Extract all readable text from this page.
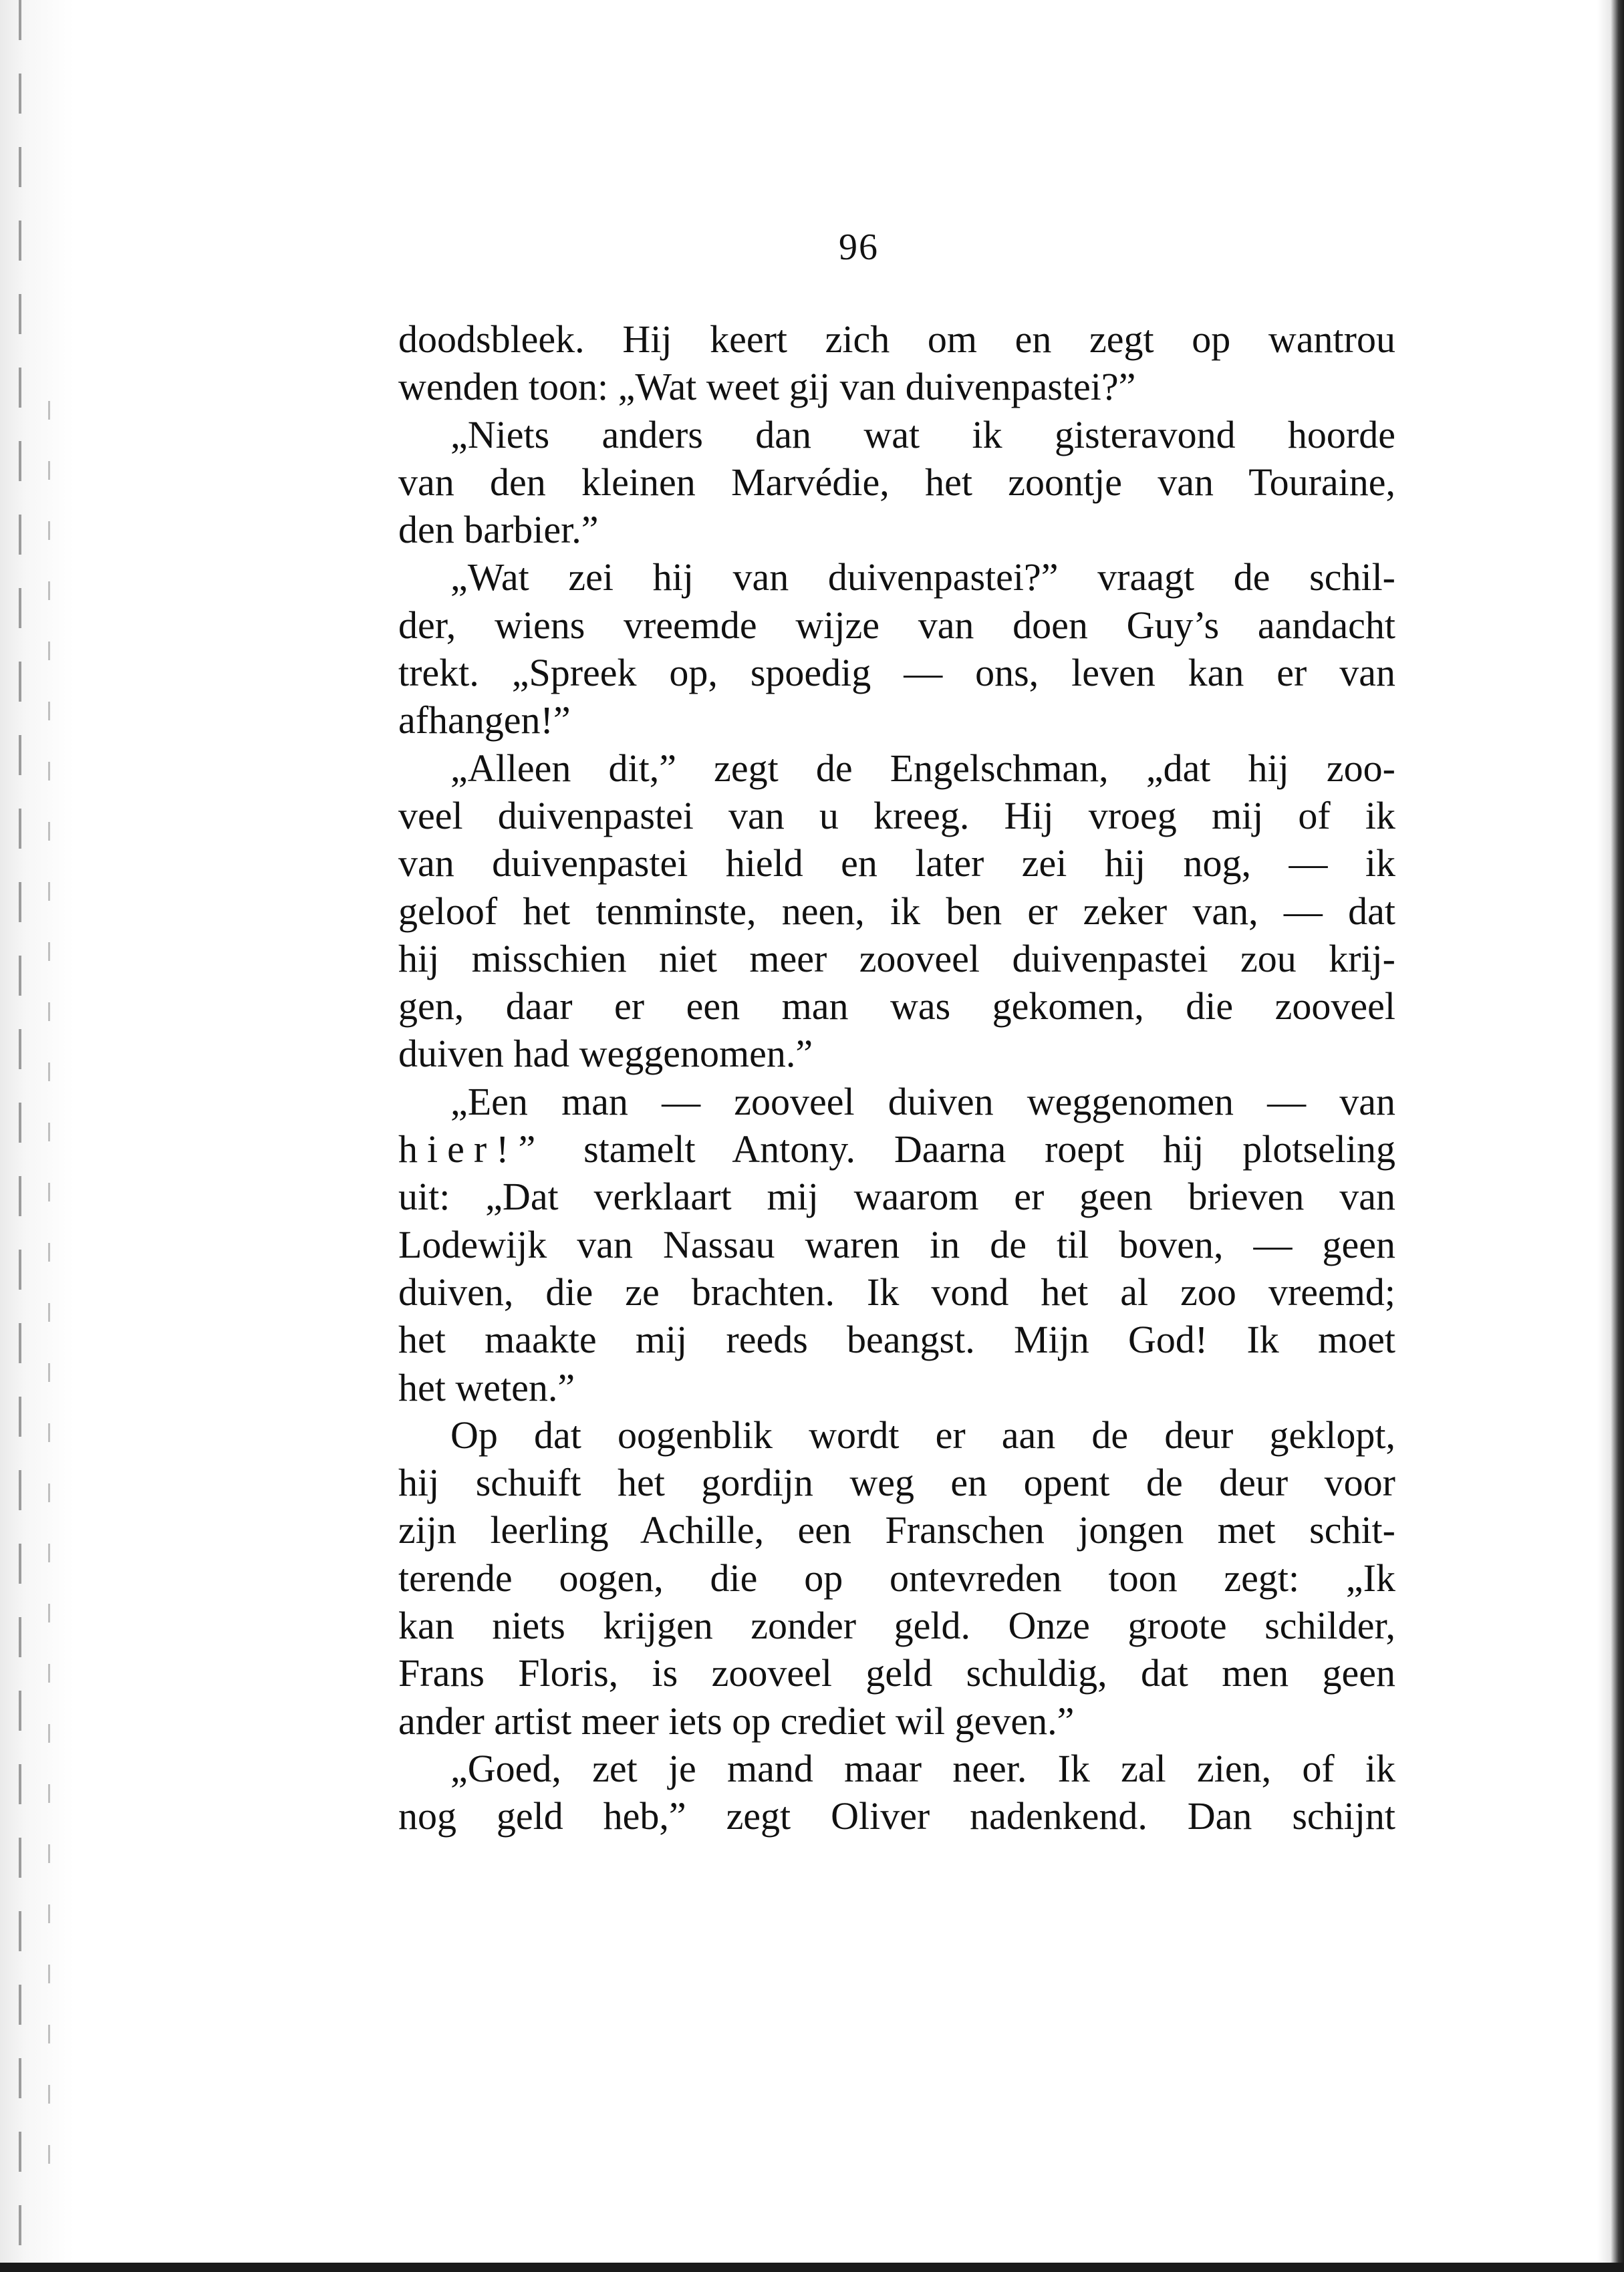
96
doodsbleek. Hij keert zich om en zegt op wantrou
wenden toon: „Wat weet gij van duivenpastei?”
„Niets anders dan wat ik gisteravond hoorde
van den kleinen Marvédie, het zoontje van Touraine,
den barbier.”
„Wat zei hij van duivenpastei?” vraagt de schil-
der, wiens vreemde wijze van doen Guy’s aandacht
trekt. „Spreek op, spoedig — ons, leven kan er van
afhangen!”
„Alleen dit,” zegt de Engelschman, „dat hij zoo-
veel duivenpastei van u kreeg. Hij vroeg mij of ik
van duivenpastei hield en later zei hij nog, — ik
geloof het tenminste, neen, ik ben er zeker van, — dat
hij misschien niet meer zooveel duivenpastei zou krij-
gen, daar er een man was gekomen, die zooveel
duiven had weggenomen.”
„Een man — zooveel duiven weggenomen — van
hier!” stamelt Antony. Daarna roept hij plotseling
uit: „Dat verklaart mij waarom er geen brieven van
Lodewijk van Nassau waren in de til boven, — geen
duiven, die ze brachten. Ik vond het al zoo vreemd;
het maakte mij reeds beangst. Mijn God! Ik moet
het weten.”
Op dat oogenblik wordt er aan de deur geklopt,
hij schuift het gordijn weg en opent de deur voor
zijn leerling Achille, een Franschen jongen met schit-
terende oogen, die op ontevreden toon zegt: „Ik
kan niets krijgen zonder geld. Onze groote schilder,
Frans Floris, is zooveel geld schuldig, dat men geen
ander artist meer iets op crediet wil geven.”
„Goed, zet je mand maar neer. Ik zal zien, of ik
nog geld heb,” zegt Oliver nadenkend. Dan schijnt
